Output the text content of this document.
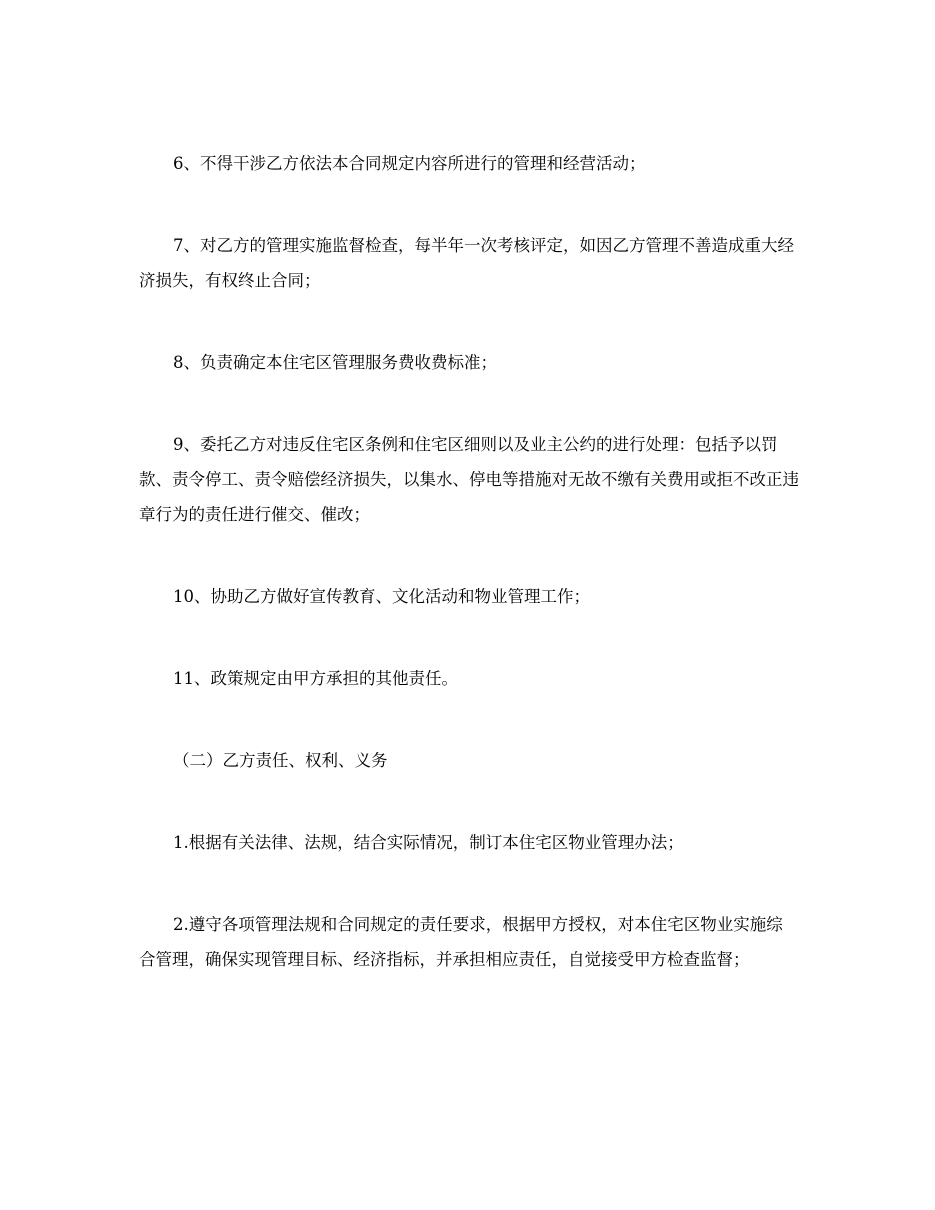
6、不得干涉乙方依法本合同规定内容所进行的管理和经营活动；

7、对乙方的管理实施监督检查，每半年一次考核评定，如因乙方管理不善造成重大经济损失，有权终止合同；

8、负责确定本住宅区管理服务费收费标准；

9、委托乙方对违反住宅区条例和住宅区细则以及业主公约的进行处理：包括予以罚款、责令停工、责令赔偿经济损失，以集水、停电等措施对无故不缴有关费用或拒不改正违章行为的责任进行催交、催改；

10、协助乙方做好宣传教育、文化活动和物业管理工作；

11、政策规定由甲方承担的其他责任。

（二）乙方责任、权利、义务

1.根据有关法律、法规，结合实际情况，制订本住宅区物业管理办法；

2.遵守各项管理法规和合同规定的责任要求，根据甲方授权，对本住宅区物业实施综合管理，确保实现管理目标、经济指标，并承担相应责任，自觉接受甲方检查监督；
